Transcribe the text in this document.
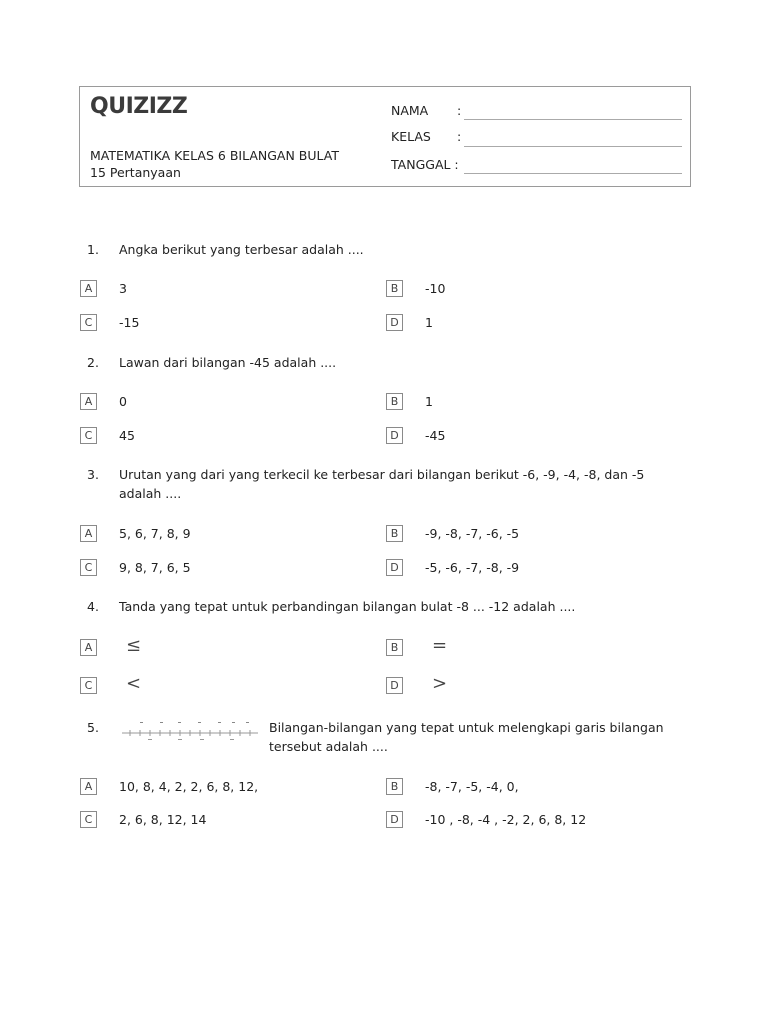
QUIZIZZ
MATEMATIKA KELAS 6 BILANGAN BULAT
15 Pertanyaan
NAMA :
KELAS :
TANGGAL :
1. Angka berikut yang terbesar adalah ....
A	3	B	-10
C	-15	D	1
2. Lawan dari bilangan -45 adalah ....
A	0	B	1
C	45	D	-45
3. Urutan yang dari yang terkecil ke terbesar dari bilangan berikut -6, -9, -4, -8, dan -5 adalah ....
A	5, 6, 7, 8, 9	B	-9, -8, -7, -6, -5
C	9, 8, 7, 6, 5	D	-5, -6, -7, -8, -9
4. Tanda yang tepat untuk perbandingan bilangan bulat -8 ... -12 adalah ....
A ≤	B =
C <	D >
5.	Bilangan-bilangan yang tepat untuk melengkapi garis bilangan tersebut adalah ....
A	10, 8, 4, 2, 2, 6, 8, 12,	B	-8, -7, -5, -4, 0,
C	2, 6, 8, 12, 14	D	-10 , -8, -4 , -2, 2, 6, 8, 12
